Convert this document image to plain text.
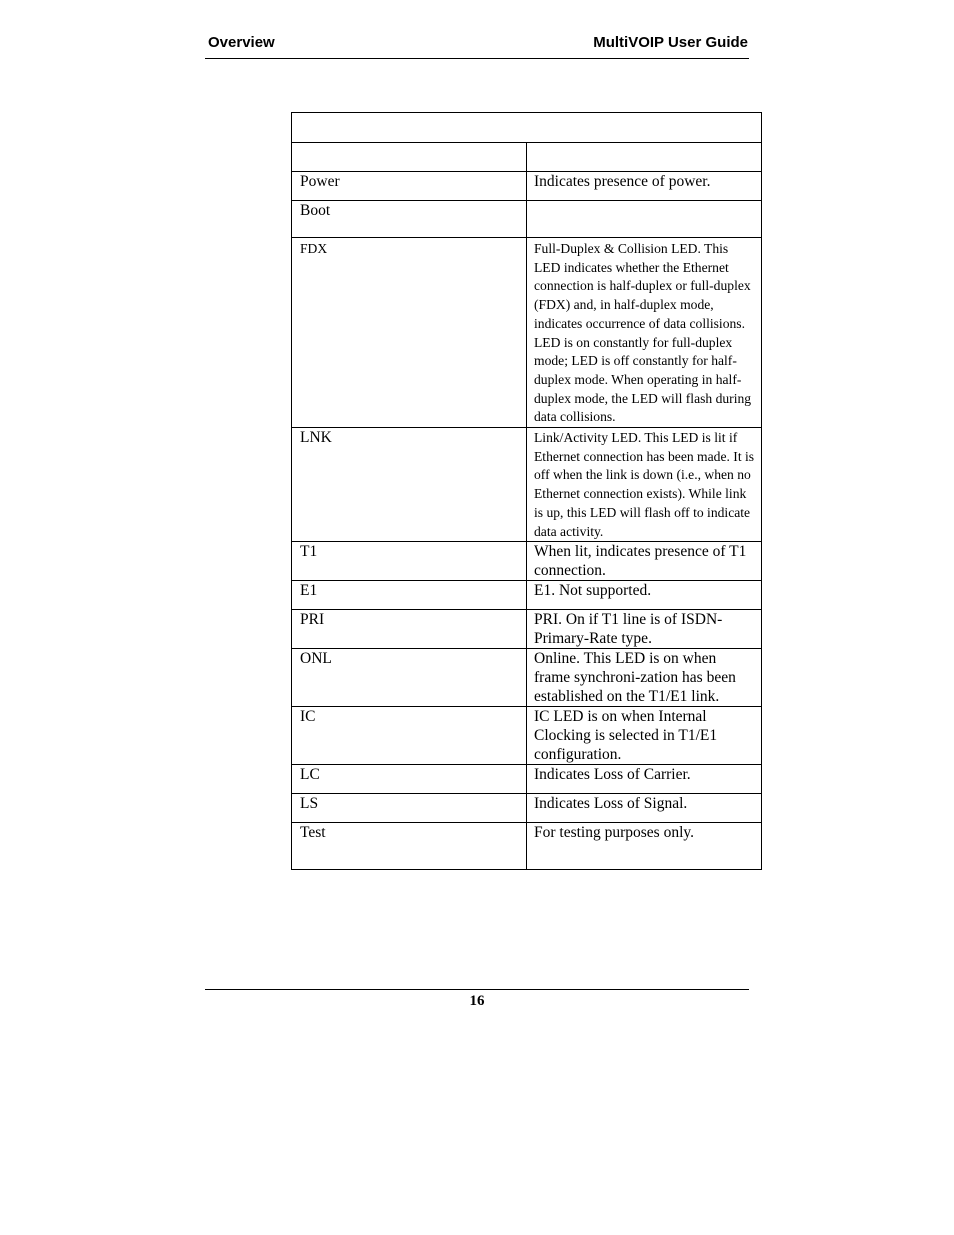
Overview	MultiVOIP User Guide

Power	Indicates presence of power.
Boot	

FDX	Full-Duplex & Collision LED. This LED indicates whether the Ethernet connection is half-duplex or full-duplex (FDX) and, in half-duplex mode, indicates occurrence of data collisions. LED is on constantly for full-duplex mode; LED is off constantly for half-duplex mode. When operating in half-duplex mode, the LED will flash during data collisions.

LNK	Link/Activity LED. This LED is lit if Ethernet connection has been made. It is off when the link is down (i.e., when no Ethernet connection exists). While link is up, this LED will flash off to indicate data activity.

T1	When lit, indicates presence of T1 connection.
E1	E1. Not supported.
PRI	PRI. On if T1 line is of ISDN-Primary-Rate type.
ONL	Online. This LED is on when frame synchroni-zation has been established on the T1/E1 link.
IC	IC LED is on when Internal Clocking is selected in T1/E1 configuration.
LC	Indicates Loss of Carrier.
LS	Indicates Loss of Signal.
Test	For testing purposes only.
16
